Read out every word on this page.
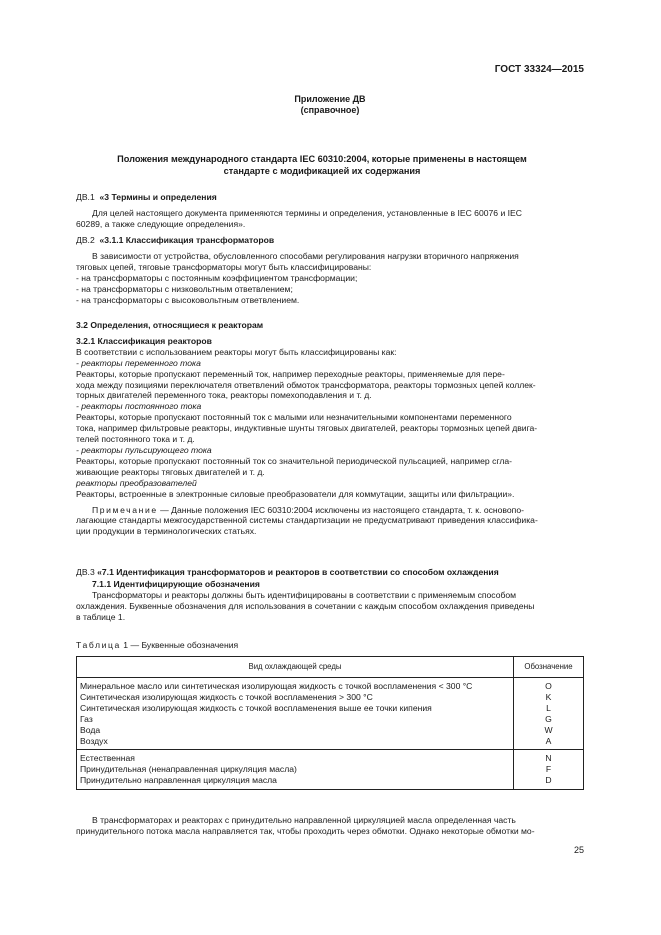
ГОСТ 33324—2015
Приложение ДВ
(справочное)
Положения международного стандарта IEC 60310:2004, которые применены в настоящем
стандарте с модификацией их содержания

ДВ.1 «3 Термины и определения

Для целей настоящего документа применяются термины и определения, установленные в IEC 60076 и IEC

60289, а также следующие определения».

ДВ.2 «3.1.1 Классификация трансформаторов

В зависимости от устройства, обусловленного способами регулирования нагрузки вторичного напряжения

тяговых цепей, тяговые трансформаторы могут быть классифицированы:

- на трансформаторы с постоянным коэффициентом трансформации;

- на трансформаторы с низковольтным ответвлением;

- на трансформаторы с высоковольтным ответвлением.

3.2 Определения, относящиеся к реакторам

3.2.1 Классификация реакторов

В соответствии с использованием реакторы могут быть классифицированы как:

- реакторы переменного тока

Реакторы, которые пропускают переменный ток, например переходные реакторы, применяемые для пере-

хода между позициями переключателя ответвлений обмоток трансформатора, реакторы тормозных цепей коллек-

торных двигателей переменного тока, реакторы помехоподавления и т. д.

- реакторы постоянного тока

Реакторы, которые пропускают постоянный ток с малыми или незначительными компонентами переменного

тока, например фильтровые реакторы, индуктивные шунты тяговых двигателей, реакторы тормозных цепей двига-

телей постоянного тока и т. д.

- реакторы пульсирующего тока

Реакторы, которые пропускают постоянный ток со значительной периодической пульсацией, например сгла-

живающие реакторы тяговых двигателей и т. д.

реакторы преобразователей

Реакторы, встроенные в электронные силовые преобразователи для коммутации, защиты или фильтрации».

Примечание — Данные положения IEC 60310:2004 исключены из настоящего стандарта, т. к. основопо-

лагающие стандарты межгосударственной системы стандартизации не предусматривают приведения классифика-

ции продукции в терминологических статьях.

ДВ.3 «7.1 Идентификация трансформаторов и реакторов в соответствии со способом охлаждения

7.1.1 Идентифицирующие обозначения

Трансформаторы и реакторы должны быть идентифицированы в соответствии с применяемым способом

охлаждения. Буквенные обозначения для использования в сочетании с каждым способом охлаждения приведены

в таблице 1.

Таблица 1 — Буквенные обозначения

Вид охлаждающей среды	Обозначение
Минеральное масло или синтетическая изолирующая жидкость с точкой воспламенения < 300 °С	O
Синтетическая изолирующая жидкость с точкой воспламенения > 300 °С	K
Синтетическая изолирующая жидкость с точкой воспламенения выше ее точки кипения	L
Газ	G
Вода	W
Воздух	A
Естественная	N
Принудительная (ненаправленная циркуляция масла)	F
Принудительно направленная циркуляция масла	D

В трансформаторах и реакторах с принудительно направленной циркуляцией масла определенная часть

принудительного потока масла направляется так, чтобы проходить через обмотки. Однако некоторые обмотки мо-

25
